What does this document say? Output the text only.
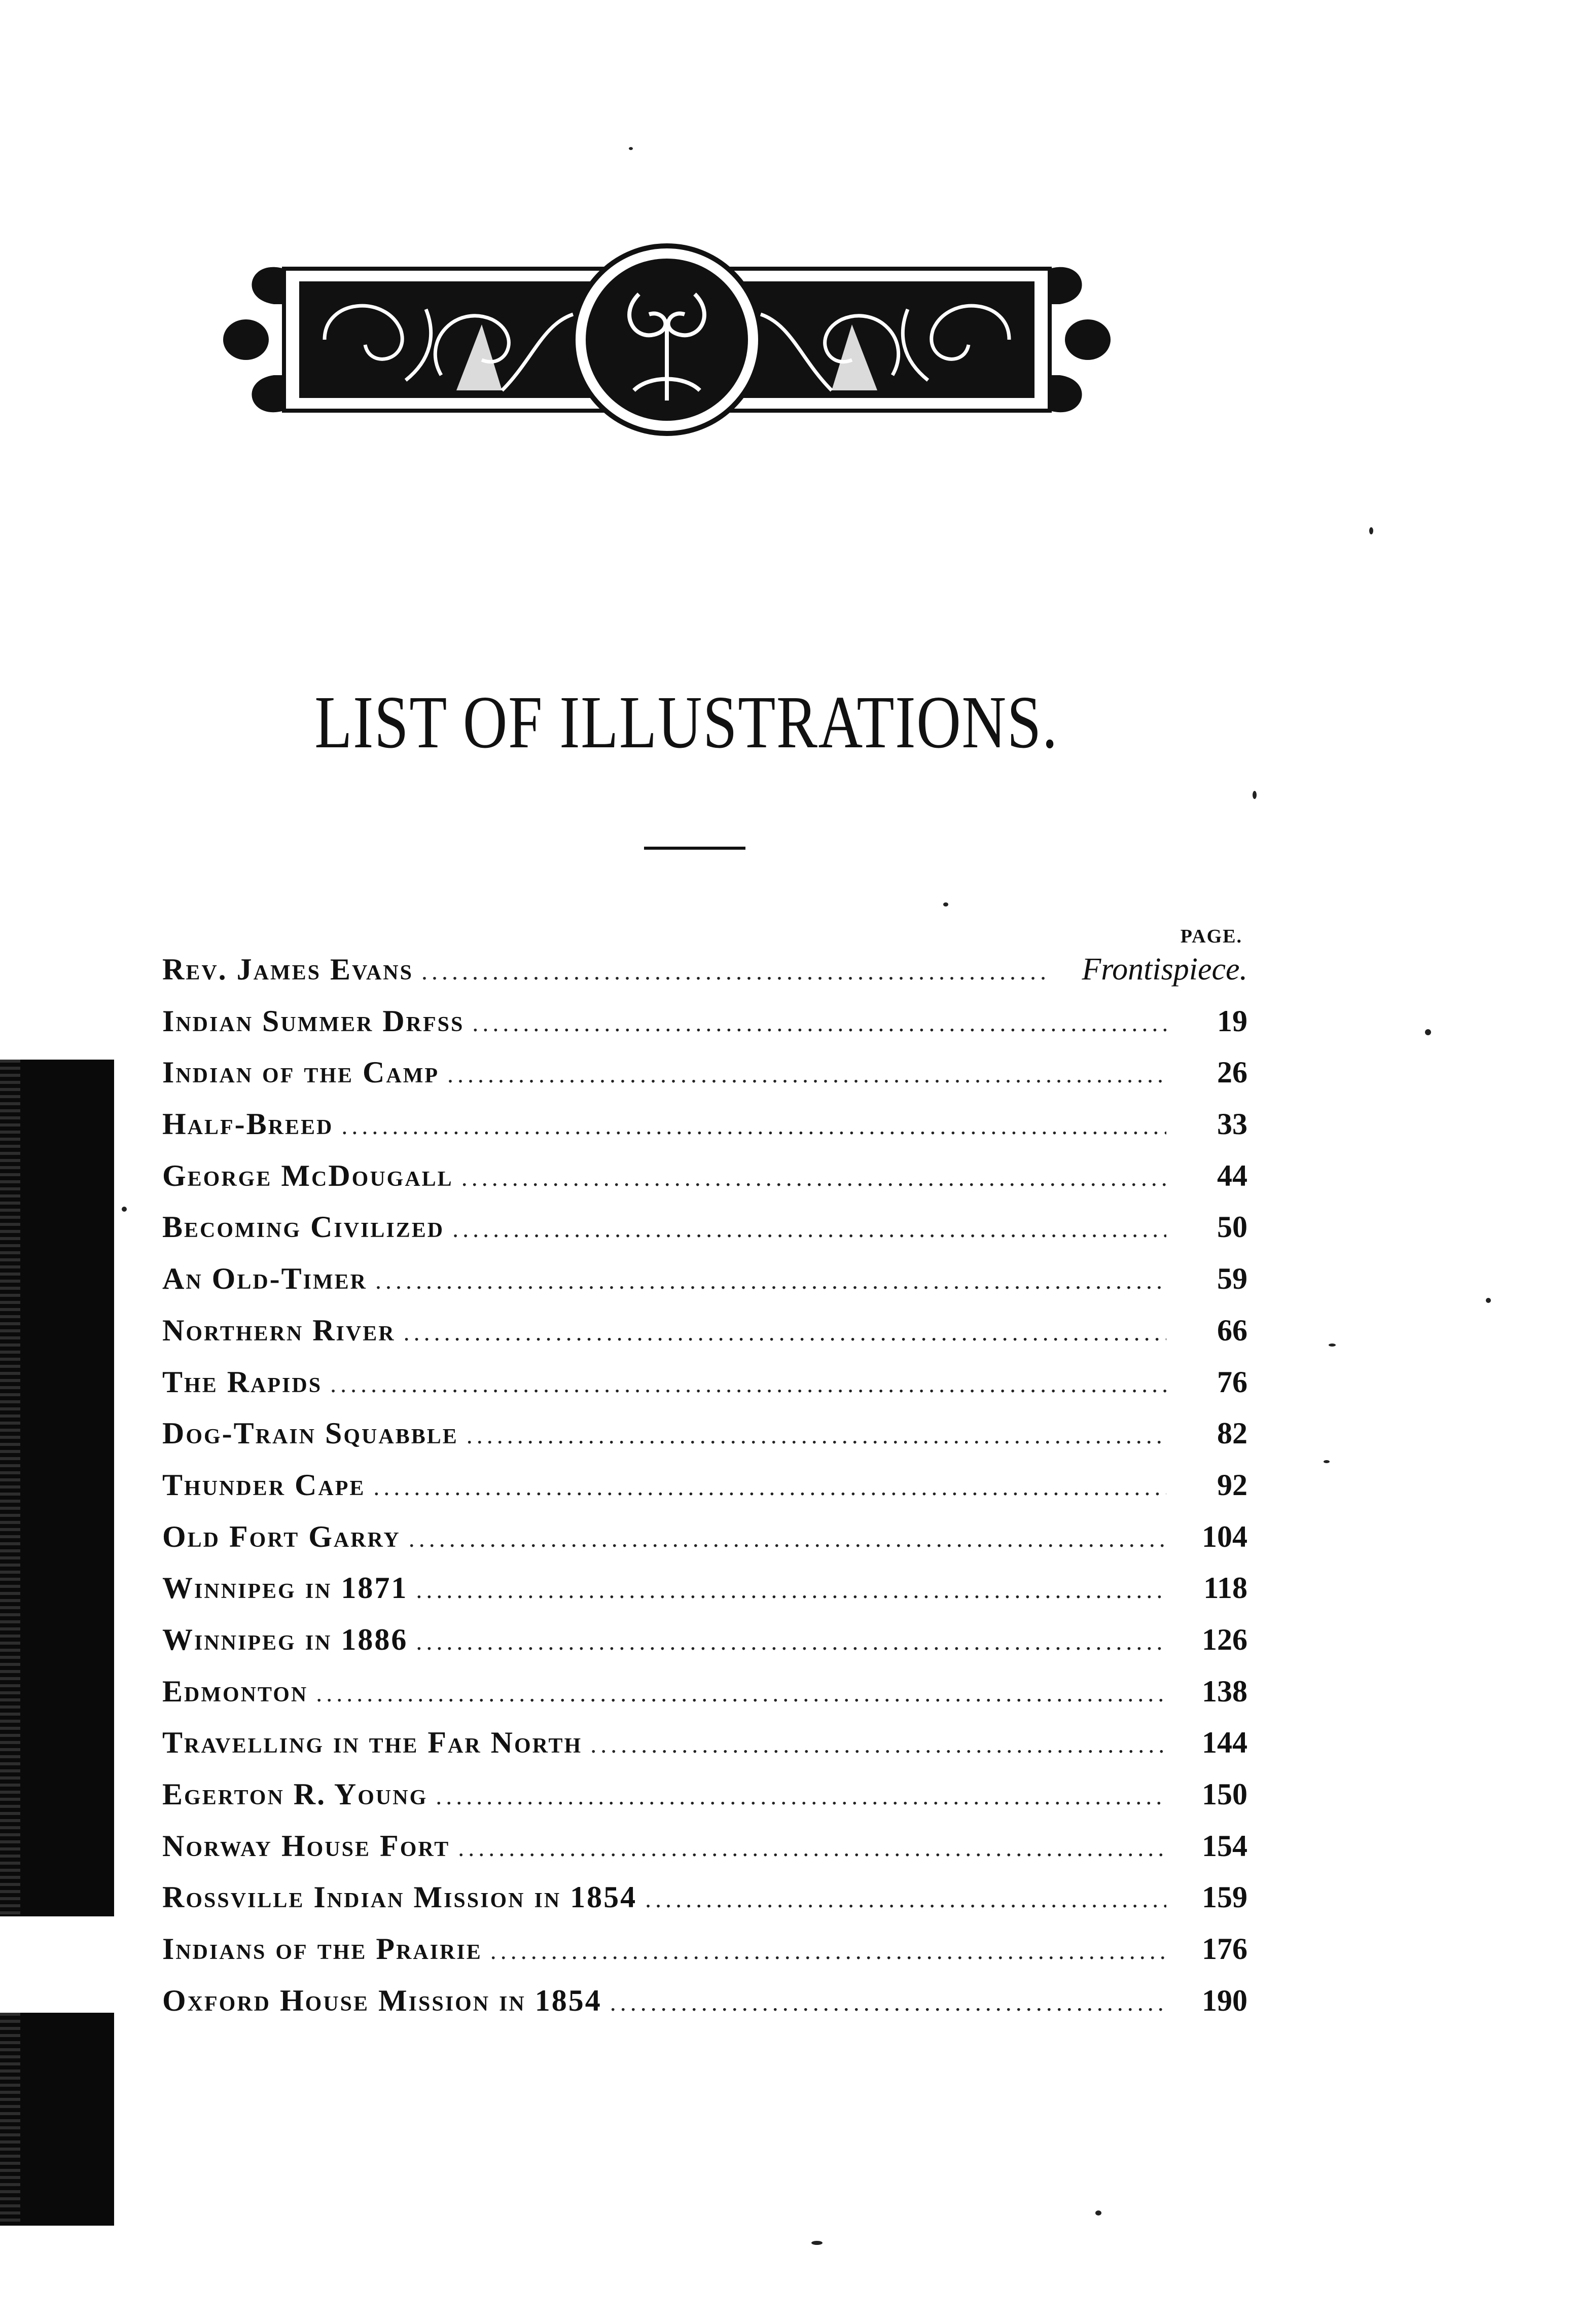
LIST OF ILLUSTRATIONS.
PAGE.
Rev. James Evans . . .	Frontispiece.
Indian Summer Drfss . . .	19
Indian of the Camp . . .	26
Half-Breed . . .	33
George McDougall . . .	44
Becoming Civilized . . .	50
An Old-Timer . . .	59
Northern River . . .	66
The Rapids . . .	76
Dog-Train Squabble . . .	82
Thunder Cape . . .	92
Old Fort Garry . . .	104
Winnipeg in 1871 . . .	118
Winnipeg in 1886 . . .	126
Edmonton . . .	138
Travelling in the Far North . . .	144
Egerton R. Young . . .	150
Norway House Fort . . .	154
Rossville Indian Mission in 1854 . . .	159
Indians of the Prairie . . .	176
Oxford House Mission in 1854 . . .	190
